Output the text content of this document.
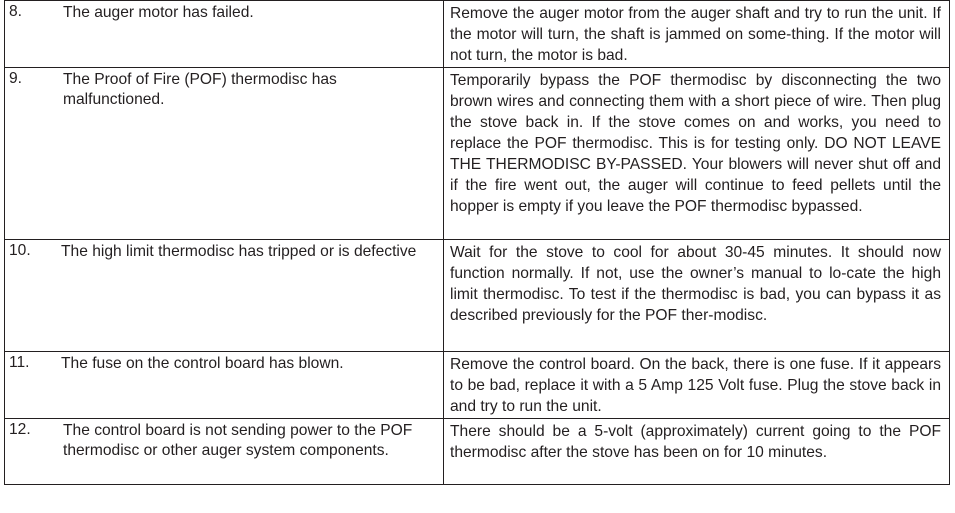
8. The auger motor has failed.	Remove the auger motor from the auger shaft and try to run the unit. If the motor will turn, the shaft is jammed on some-thing. If the motor will not turn, the motor is bad.

9. The Proof of Fire (POF) thermodisc has malfunctioned.	Temporarily bypass the POF thermodisc by disconnecting the two brown wires and connecting them with a short piece of wire. Then plug the stove back in. If the stove comes on and works, you need to replace the POF thermodisc. This is for testing only. DO NOT LEAVE THE THERMODISC BY-PASSED. Your blowers will never shut off and if the fire went out, the auger will continue to feed pellets until the hopper is empty if you leave the POF thermodisc bypassed.

10. The high limit thermodisc has tripped or is defective	Wait for the stove to cool for about 30-45 minutes. It should now function normally. If not, use the owner’s manual to lo-cate the high limit thermodisc. To test if the thermodisc is bad, you can bypass it as described previously for the POF ther-modisc.

11. The fuse on the control board has blown.	Remove the control board. On the back, there is one fuse. If it appears to be bad, replace it with a 5 Amp 125 Volt fuse. Plug the stove back in and try to run the unit.

12. The control board is not sending power to the POF thermodisc or other auger system components.	There should be a 5-volt (approximately) current going to the POF thermodisc after the stove has been on for 10 minutes.
